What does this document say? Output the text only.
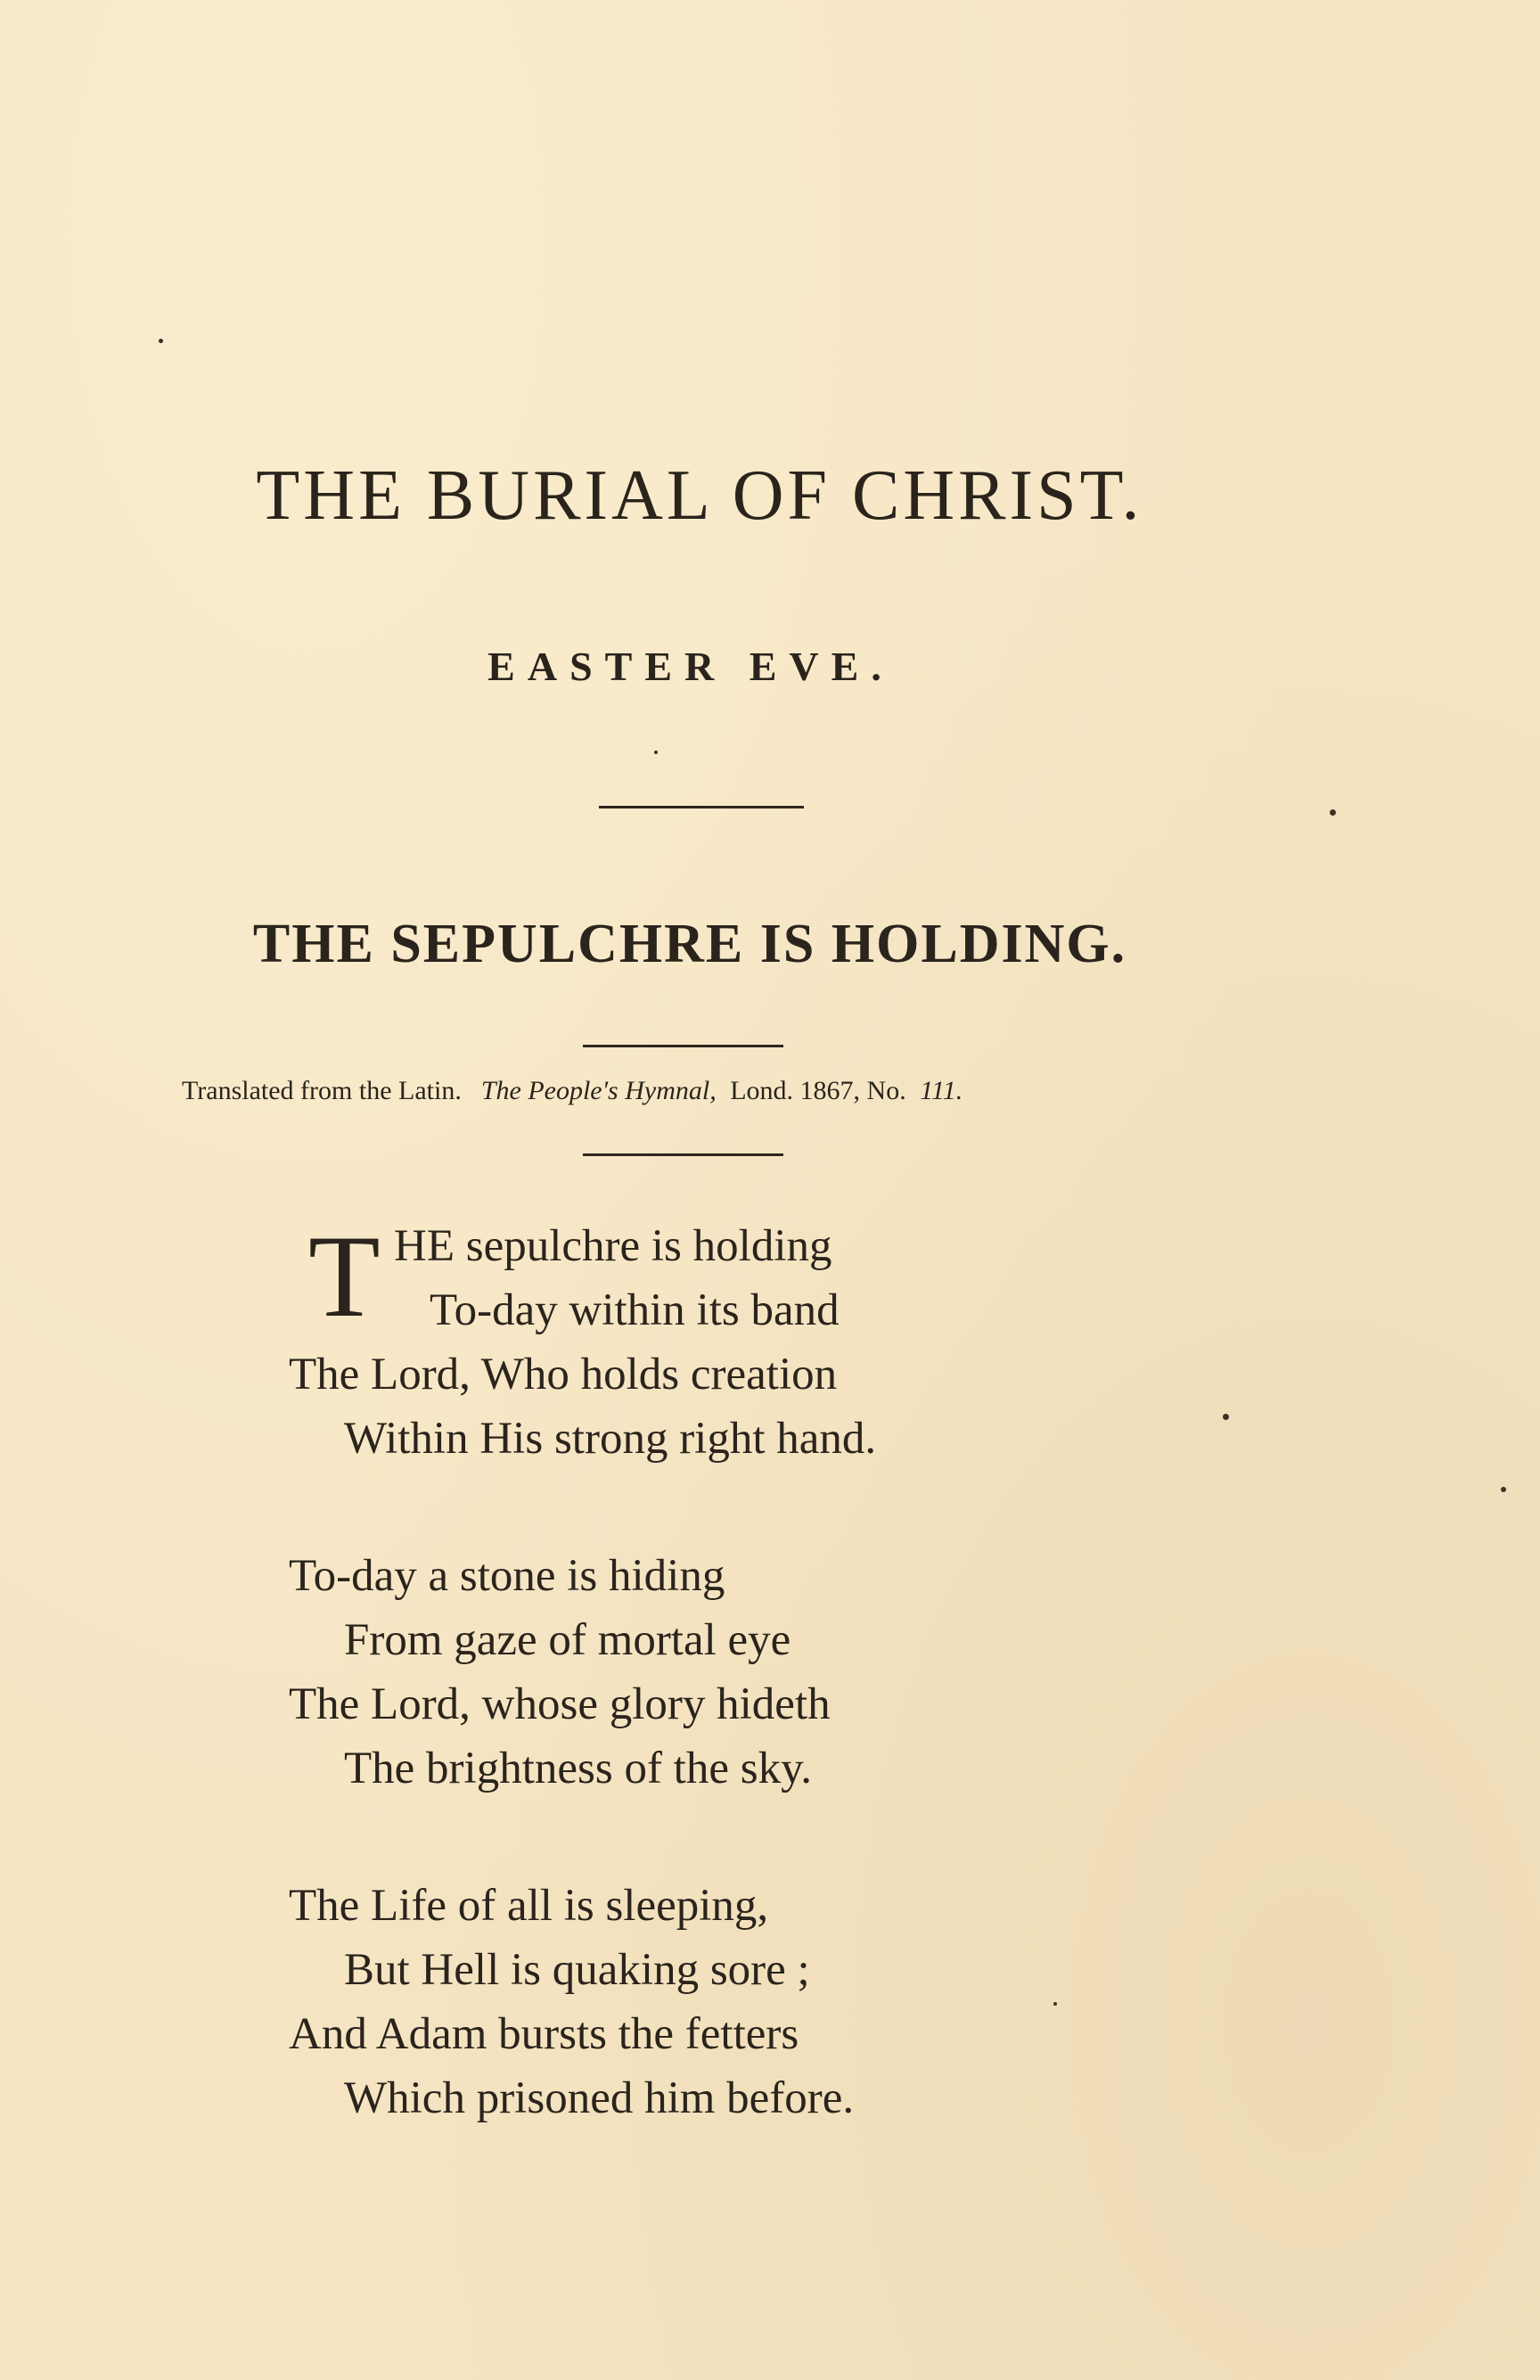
THE BURIAL OF CHRIST.
EASTER EVE.
THE SEPULCHRE IS HOLDING.
Translated from the Latin. The People's Hymnal, Lond. 1867, No. 111.
T HE sepulchre is holding
To-day within its band
The Lord, Who holds creation
Within His strong right hand.
To-day a stone is hiding
From gaze of mortal eye
The Lord, whose glory hideth
The brightness of the sky.
The Life of all is sleeping,
But Hell is quaking sore ;
And Adam bursts the fetters
Which prisoned him before.
